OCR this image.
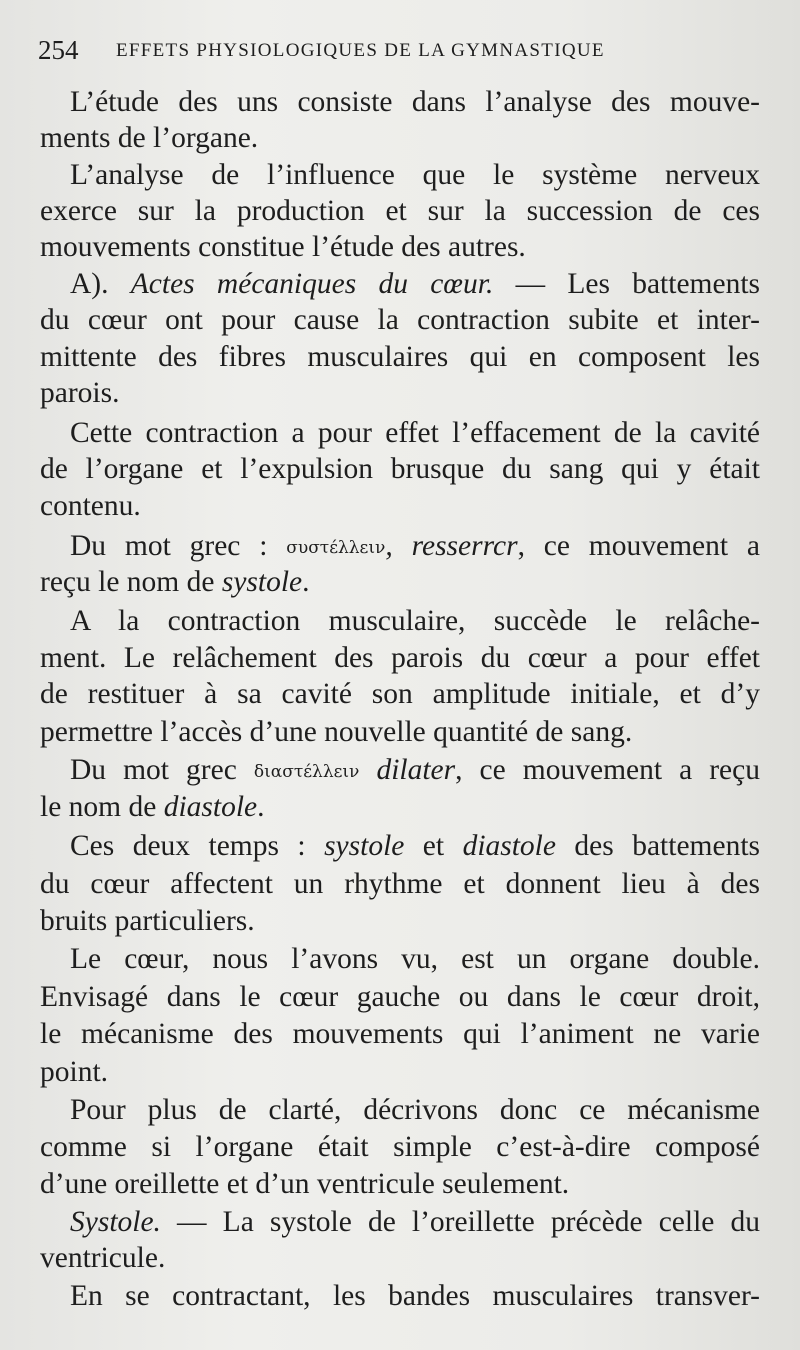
254 EFFETS PHYSIOLOGIQUES DE LA GYMNASTIQUE
L’étude des uns consiste dans l’analyse des mouve-
ments de l’organe.
L’analyse de l’influence que le système nerveux
exerce sur la production et sur la succession de ces
mouvements constitue l’étude des autres.
A). Actes mécaniques du cœur. — Les battements
du cœur ont pour cause la contraction subite et inter-
mittente des fibres musculaires qui en composent les
parois.
Cette contraction a pour effet l’effacement de la cavité
de l’organe et l’expulsion brusque du sang qui y était
contenu.
Du mot grec : συστέλλειν, resserrcr, ce mouvement a
reçu le nom de systole.
A la contraction musculaire, succède le relâche-
ment. Le relâchement des parois du cœur a pour effet
de restituer à sa cavité son amplitude initiale, et d’y
permettre l’accès d’une nouvelle quantité de sang.
Du mot grec διαστέλλειν dilater, ce mouvement a reçu
le nom de diastole.
Ces deux temps : systole et diastole des battements
du cœur affectent un rhythme et donnent lieu à des
bruits particuliers.
Le cœur, nous l’avons vu, est un organe double.
Envisagé dans le cœur gauche ou dans le cœur droit,
le mécanisme des mouvements qui l’animent ne varie
point.
Pour plus de clarté, décrivons donc ce mécanisme
comme si l’organe était simple c’est-à-dire composé
d’une oreillette et d’un ventricule seulement.
Systole. — La systole de l’oreillette précède celle du
ventricule.
En se contractant, les bandes musculaires transver-
